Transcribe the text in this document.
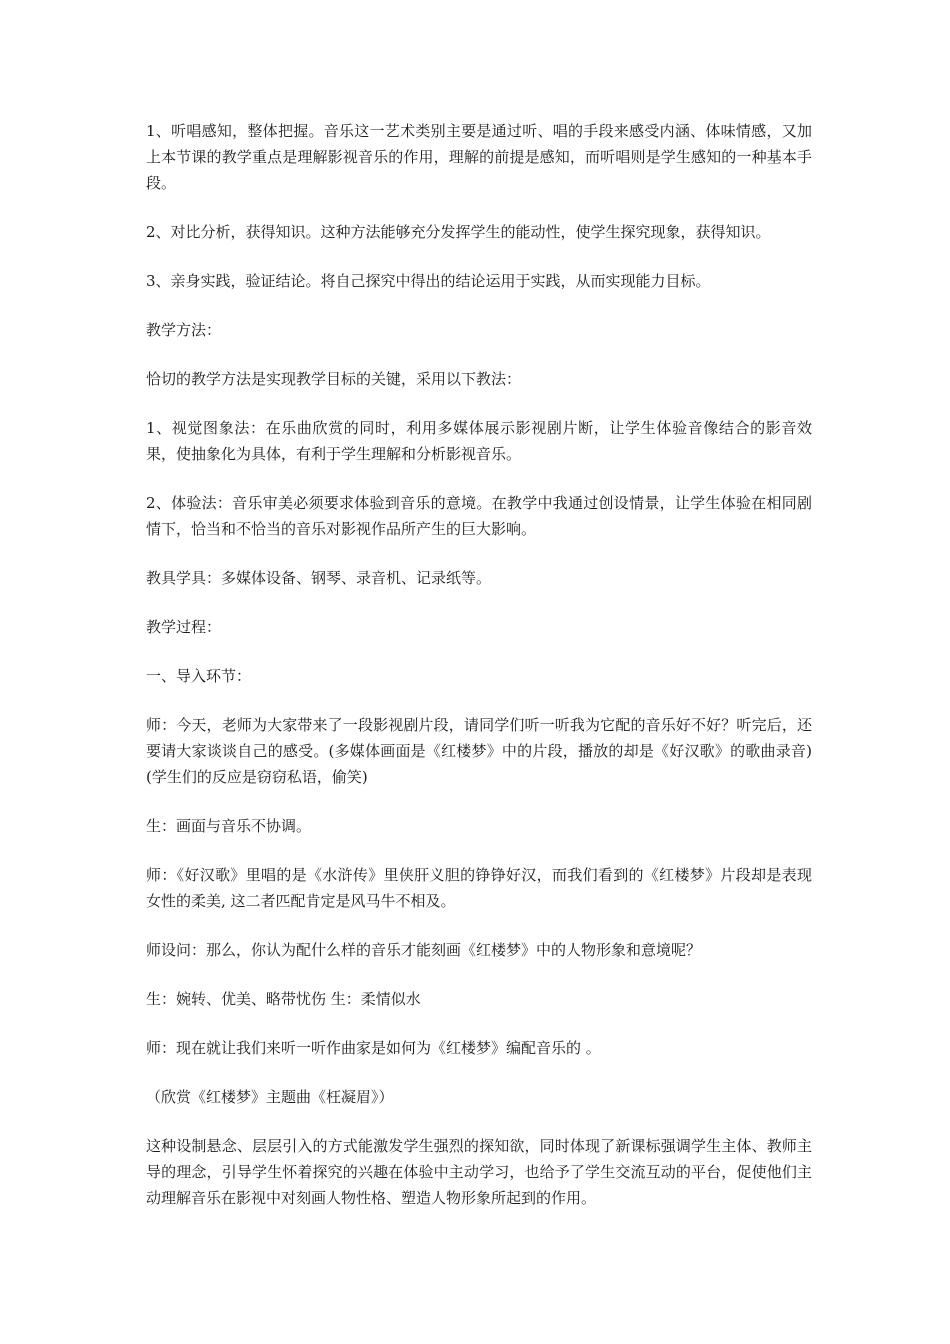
1、听唱感知，整体把握。音乐这一艺术类别主要是通过听、唱的手段来感受内涵、体味情感，又加上本节课的教学重点是理解影视音乐的作用，理解的前提是感知，而听唱则是学生感知的一种基本手段。

2、对比分析，获得知识。这种方法能够充分发挥学生的能动性，使学生探究现象，获得知识。

3、亲身实践，验证结论。将自己探究中得出的结论运用于实践，从而实现能力目标。

教学方法：

恰切的教学方法是实现教学目标的关键，采用以下教法：

1、视觉图象法：在乐曲欣赏的同时，利用多媒体展示影视剧片断，让学生体验音像结合的影音效果，使抽象化为具体，有利于学生理解和分析影视音乐。

2、体验法：音乐审美必须要求体验到音乐的意境。在教学中我通过创设情景，让学生体验在相同剧情下，恰当和不恰当的音乐对影视作品所产生的巨大影响。

教具学具：多媒体设备、钢琴、录音机、记录纸等。

教学过程：

一、导入环节：

师：今天，老师为大家带来了一段影视剧片段，请同学们听一听我为它配的音乐好不好？听完后，还要请大家谈谈自己的感受。(多媒体画面是《红楼梦》中的片段，播放的却是《好汉歌》的歌曲录音) (学生们的反应是窃窃私语，偷笑)

生：画面与音乐不协调。

师：《好汉歌》里唱的是《水浒传》里侠肝义胆的铮铮好汉，而我们看到的《红楼梦》片段却是表现女性的柔美, 这二者匹配肯定是风马牛不相及。

师设问：那么，你认为配什么样的音乐才能刻画《红楼梦》中的人物形象和意境呢？

生：婉转、优美、略带忧伤 生：柔情似水

师：现在就让我们来听一听作曲家是如何为《红楼梦》编配音乐的 。

（欣赏《红楼梦》主题曲《枉凝眉》）

这种设制悬念、层层引入的方式能激发学生强烈的探知欲，同时体现了新课标强调学生主体、教师主导的理念，引导学生怀着探究的兴趣在体验中主动学习，也给予了学生交流互动的平台，促使他们主动理解音乐在影视中对刻画人物性格、塑造人物形象所起到的作用。
